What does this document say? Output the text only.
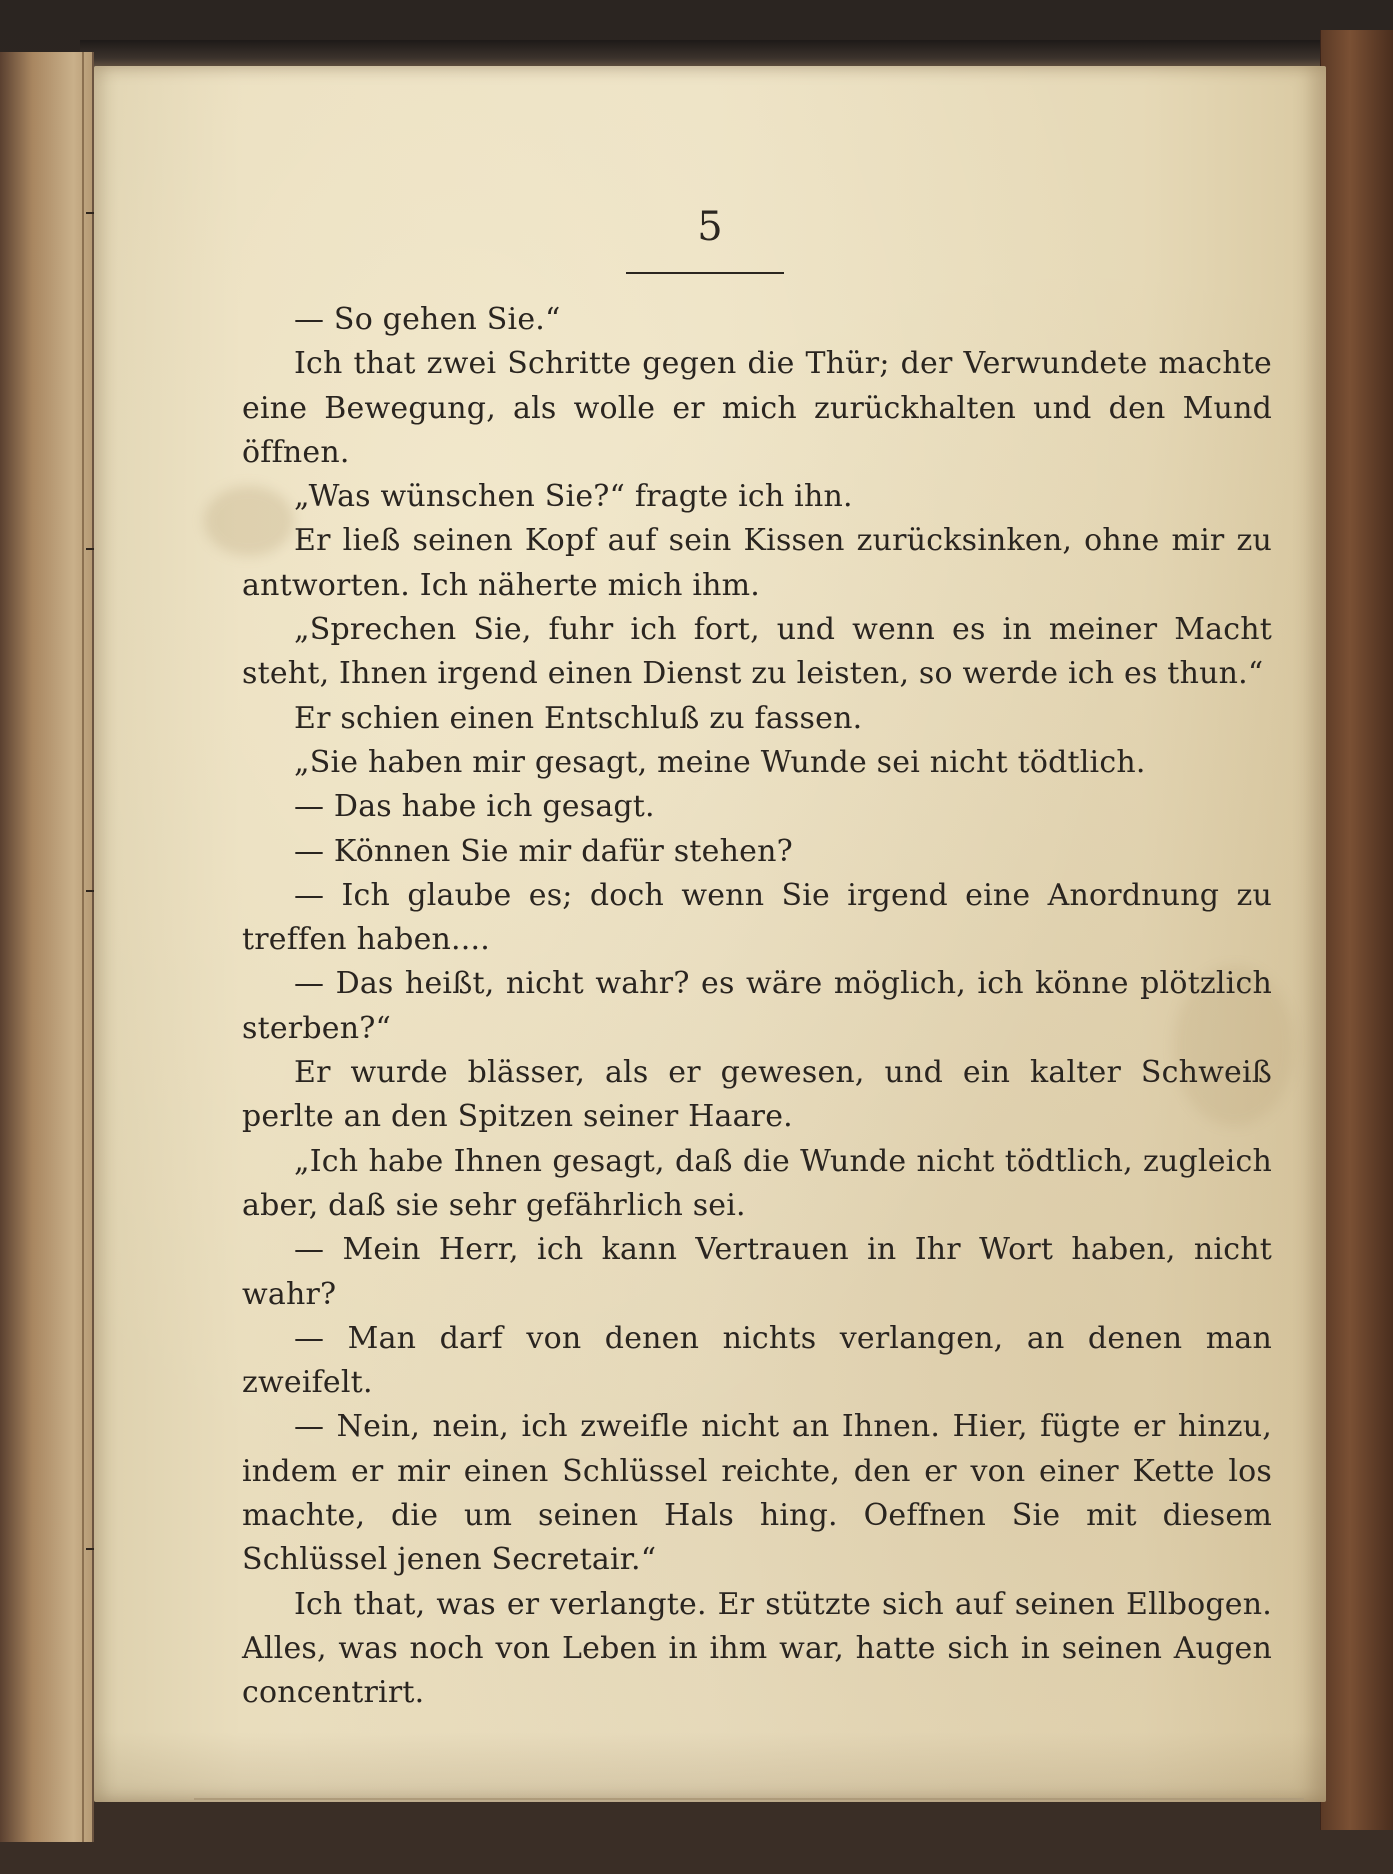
5

— So gehen Sie.“

Ich that zwei Schritte gegen die Thür; der Verwundete machte eine Bewegung, als wolle er mich zurückhalten und den Mund öffnen.

„Was wünschen Sie?“ fragte ich ihn.

Er ließ seinen Kopf auf sein Kissen zurücksinken, ohne mir zu antworten. Ich näherte mich ihm.

„Sprechen Sie, fuhr ich fort, und wenn es in meiner Macht steht, Ihnen irgend einen Dienst zu leisten, so werde ich es thun.“

Er schien einen Entschluß zu fassen.

„Sie haben mir gesagt, meine Wunde sei nicht tödtlich.

— Das habe ich gesagt.

— Können Sie mir dafür stehen?

— Ich glaube es; doch wenn Sie irgend eine Anordnung zu treffen haben....

— Das heißt, nicht wahr? es wäre möglich, ich könne plötzlich sterben?“

Er wurde blässer, als er gewesen, und ein kalter Schweiß perlte an den Spitzen seiner Haare.

„Ich habe Ihnen gesagt, daß die Wunde nicht tödtlich, zugleich aber, daß sie sehr gefährlich sei.

— Mein Herr, ich kann Vertrauen in Ihr Wort haben, nicht wahr?

— Man darf von denen nichts verlangen, an denen man zweifelt.

— Nein, nein, ich zweifle nicht an Ihnen. Hier, fügte er hinzu, indem er mir einen Schlüssel reichte, den er von einer Kette los machte, die um seinen Hals hing. Oeffnen Sie mit diesem Schlüssel jenen Secretair.“

Ich that, was er verlangte. Er stützte sich auf seinen Ellbogen. Alles, was noch von Leben in ihm war, hatte sich in seinen Augen concentrirt.
